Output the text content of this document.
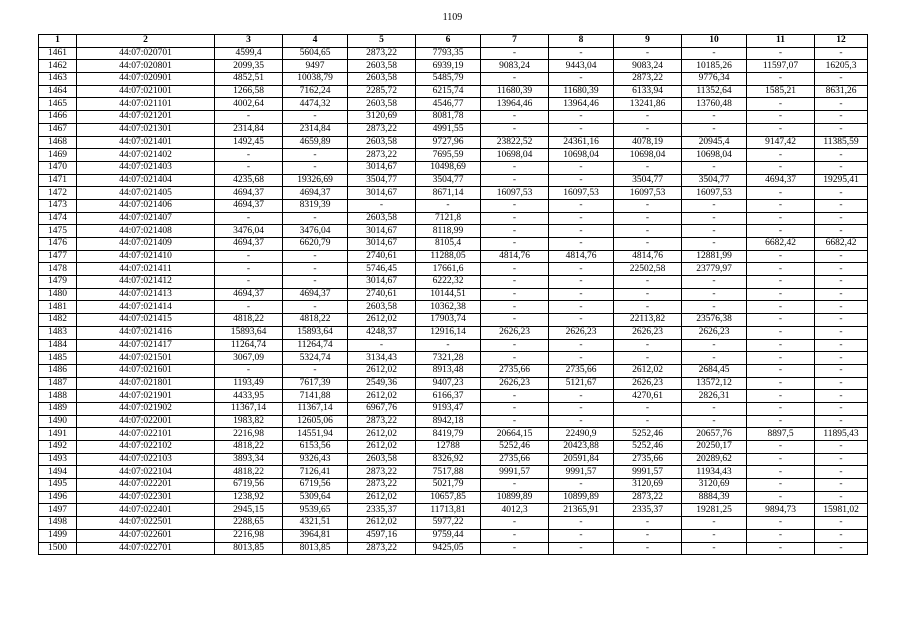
1109
1	2	3	4	5	6	7	8	9	10	11	12
1461	44:07:020701	4599,4	5604,65	2873,22	7793,35	-	-	-	-	-	-
1462	44:07:020801	2099,35	9497	2603,58	6939,19	9083,24	9443,04	9083,24	10185,26	11597,07	16205,3
1463	44:07:020901	4852,51	10038,79	2603,58	5485,79	-	-	2873,22	9776,34	-	-
1464	44:07:021001	1266,58	7162,24	2285,72	6215,74	11680,39	11680,39	6133,94	11352,64	1585,21	8631,26
1465	44:07:021101	4002,64	4474,32	2603,58	4546,77	13964,46	13964,46	13241,86	13760,48	-	-
1466	44:07:021201	-	-	3120,69	8081,78	-	-	-	-	-	-
1467	44:07:021301	2314,84	2314,84	2873,22	4991,55	-	-	-	-	-	-
1468	44:07:021401	1492,45	4659,89	2603,58	9727,96	23822,52	24361,16	4078,19	20945,4	9147,42	11385,59
1469	44:07:021402	-	-	2873,22	7695,59	10698,04	10698,04	10698,04	10698,04	-	-
1470	44:07:021403	-	-	3014,67	10498,69	-	-	-	-	-	-
1471	44:07:021404	4235,68	19326,69	3504,77	3504,77	-	-	3504,77	3504,77	4694,37	19295,41
1472	44:07:021405	4694,37	4694,37	3014,67	8671,14	16097,53	16097,53	16097,53	16097,53	-	-
1473	44:07:021406	4694,37	8319,39	-	-	-	-	-	-	-	-
1474	44:07:021407	-	-	2603,58	7121,8	-	-	-	-	-	-
1475	44:07:021408	3476,04	3476,04	3014,67	8118,99	-	-	-	-	-	-
1476	44:07:021409	4694,37	6620,79	3014,67	8105,4	-	-	-	-	6682,42	6682,42
1477	44:07:021410	-	-	2740,61	11288,05	4814,76	4814,76	4814,76	12881,99	-	-
1478	44:07:021411	-	-	5746,45	17661,6	-	-	22502,58	23779,97	-	-
1479	44:07:021412	-	-	3014,67	6222,32	-	-	-	-	-	-
1480	44:07:021413	4694,37	4694,37	2740,61	10144,51	-	-	-	-	-	-
1481	44:07:021414	-	-	2603,58	10362,38	-	-	-	-	-	-
1482	44:07:021415	4818,22	4818,22	2612,02	17903,74	-	-	22113,82	23576,38	-	-
1483	44:07:021416	15893,64	15893,64	4248,37	12916,14	2626,23	2626,23	2626,23	2626,23	-	-
1484	44:07:021417	11264,74	11264,74	-	-	-	-	-	-	-	-
1485	44:07:021501	3067,09	5324,74	3134,43	7321,28	-	-	-	-	-	-
1486	44:07:021601	-	-	2612,02	8913,48	2735,66	2735,66	2612,02	2684,45	-	-
1487	44:07:021801	1193,49	7617,39	2549,36	9407,23	2626,23	5121,67	2626,23	13572,12	-	-
1488	44:07:021901	4433,95	7141,88	2612,02	6166,37	-	-	4270,61	2826,31	-	-
1489	44:07:021902	11367,14	11367,14	6967,76	9193,47	-	-	-	-	-	-
1490	44:07:022001	1983,82	12605,06	2873,22	8942,18	-	-	-	-	-	-
1491	44:07:022101	2216,98	14551,94	2612,02	8419,79	20664,15	22490,9	5252,46	20657,76	8897,5	11895,43
1492	44:07:022102	4818,22	6153,56	2612,02	12788	5252,46	20423,88	5252,46	20250,17	-	-
1493	44:07:022103	3893,34	9326,43	2603,58	8326,92	2735,66	20591,84	2735,66	20289,62	-	-
1494	44:07:022104	4818,22	7126,41	2873,22	7517,88	9991,57	9991,57	9991,57	11934,43	-	-
1495	44:07:022201	6719,56	6719,56	2873,22	5021,79	-	-	3120,69	3120,69	-	-
1496	44:07:022301	1238,92	5309,64	2612,02	10657,85	10899,89	10899,89	2873,22	8884,39	-	-
1497	44:07:022401	2945,15	9539,65	2335,37	11713,81	4012,3	21365,91	2335,37	19281,25	9894,73	15981,02
1498	44:07:022501	2288,65	4321,51	2612,02	5977,22	-	-	-	-	-	-
1499	44:07:022601	2216,98	3964,81	4597,16	9759,44	-	-	-	-	-	-
1500	44:07:022701	8013,85	8013,85	2873,22	9425,05	-	-	-	-	-	-
